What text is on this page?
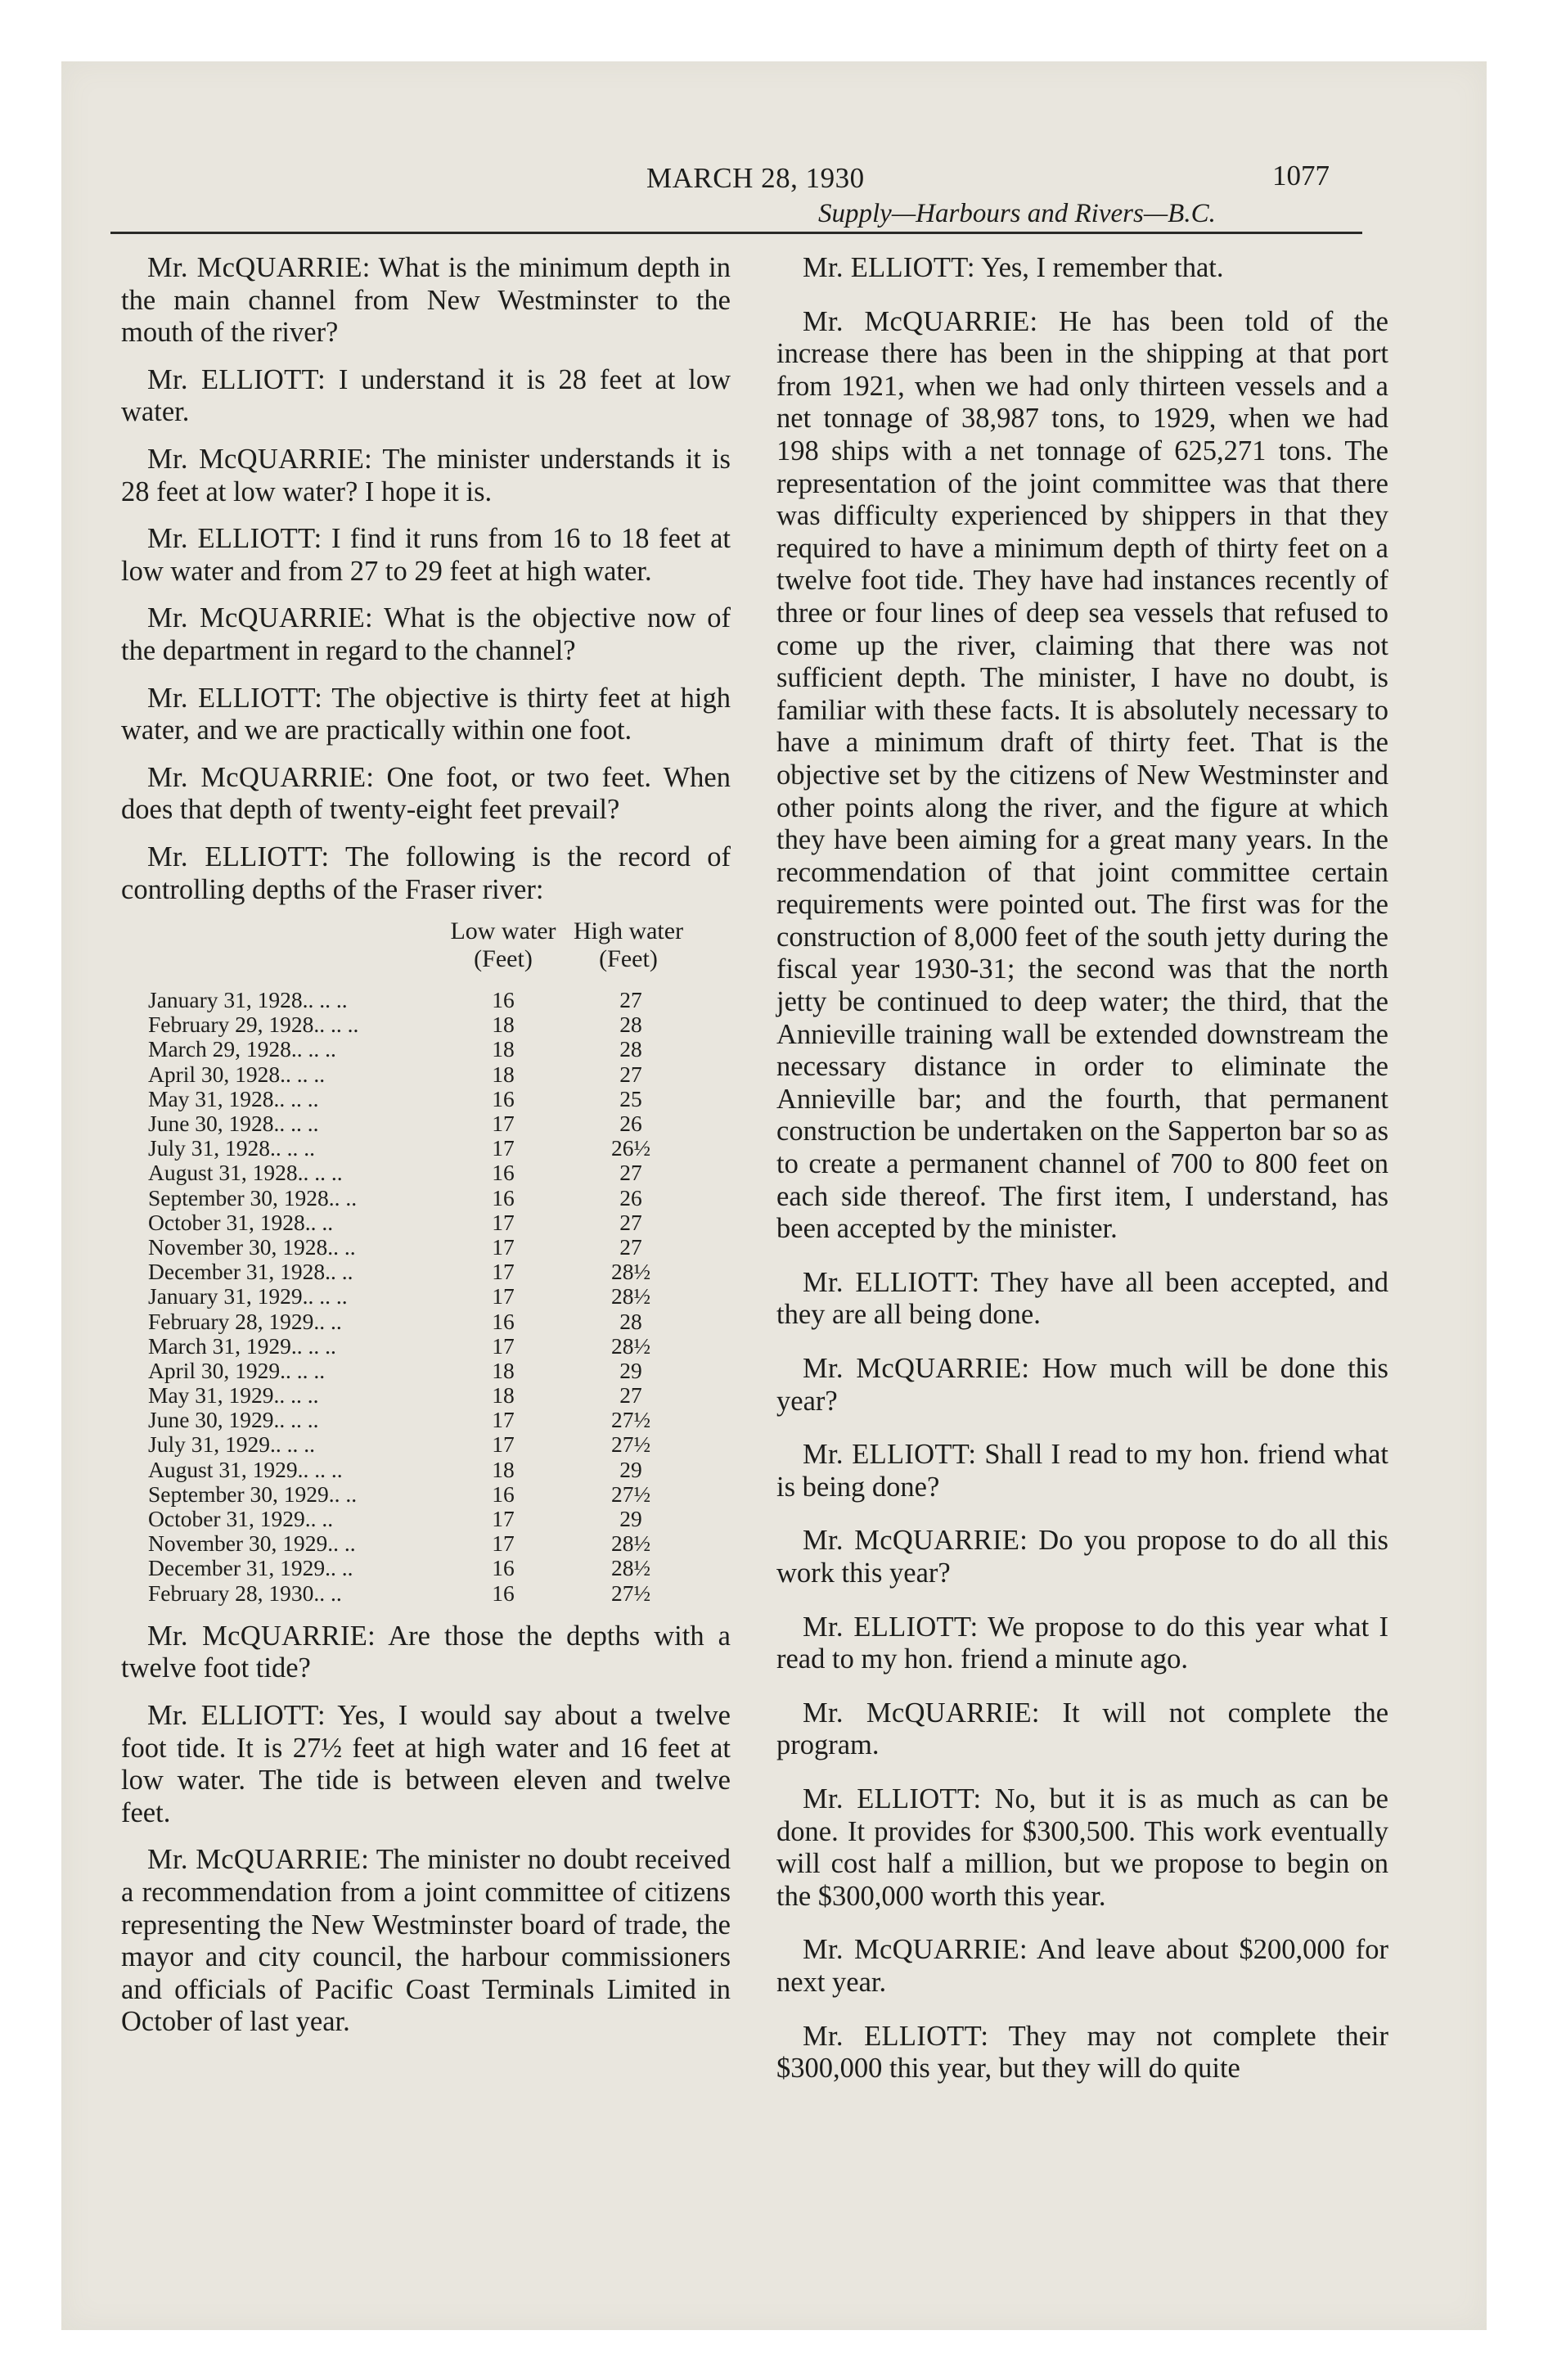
MARCH 28, 1930	1077
Supply—Harbours and Rivers—B.C.

Mr. McQUARRIE: What is the minimum depth in the main channel from New Westminster to the mouth of the river?

Mr. ELLIOTT: I understand it is 28 feet at low water.

Mr. McQUARRIE: The minister understands it is 28 feet at low water? I hope it is.

Mr. ELLIOTT: I find it runs from 16 to 18 feet at low water and from 27 to 29 feet at high water.

Mr. McQUARRIE: What is the objective now of the department in regard to the channel?

Mr. ELLIOTT: The objective is thirty feet at high water, and we are practically within one foot.

Mr. McQUARRIE: One foot, or two feet. When does that depth of twenty-eight feet prevail?

Mr. ELLIOTT: The following is the record of controlling depths of the Fraser river:

Low water (Feet)
High water (Feet)
January 31, 1928.. .. ..	16	27
February 29, 1928.. .. ..	18	28
March 29, 1928.. .. ..	18	28
April 30, 1928.. .. ..	18	27
May 31, 1928.. .. ..	16	25
June 30, 1928.. .. ..	17	26
July 31, 1928.. .. ..	17	26½
August 31, 1928.. .. ..	16	27
September 30, 1928.. ..	16	26
October 31, 1928.. ..	17	27
November 30, 1928.. ..	17	27
December 31, 1928.. ..	17	28½
January 31, 1929.. .. ..	17	28½
February 28, 1929.. ..	16	28
March 31, 1929.. .. ..	17	28½
April 30, 1929.. .. ..	18	29
May 31, 1929.. .. ..	18	27
June 30, 1929.. .. ..	17	27½
July 31, 1929.. .. ..	17	27½
August 31, 1929.. .. ..	18	29
September 30, 1929.. ..	16	27½
October 31, 1929.. ..	17	29
November 30, 1929.. ..	17	28½
December 31, 1929.. ..	16	28½
February 28, 1930.. ..	16	27½

Mr. McQUARRIE: Are those the depths with a twelve foot tide?

Mr. ELLIOTT: Yes, I would say about a twelve foot tide. It is 27½ feet at high water and 16 feet at low water. The tide is between eleven and twelve feet.

Mr. McQUARRIE: The minister no doubt received a recommendation from a joint committee of citizens representing the New Westminster board of trade, the mayor and city council, the harbour commissioners and officials of Pacific Coast Terminals Limited in October of last year.

Mr. ELLIOTT: Yes, I remember that.

Mr. McQUARRIE: He has been told of the increase there has been in the shipping at that port from 1921, when we had only thirteen vessels and a net tonnage of 38,987 tons, to 1929, when we had 198 ships with a net tonnage of 625,271 tons. The representation of the joint committee was that there was difficulty experienced by shippers in that they required to have a minimum depth of thirty feet on a twelve foot tide. They have had instances recently of three or four lines of deep sea vessels that refused to come up the river, claiming that there was not sufficient depth. The minister, I have no doubt, is familiar with these facts. It is absolutely necessary to have a minimum draft of thirty feet. That is the objective set by the citizens of New Westminster and other points along the river, and the figure at which they have been aiming for a great many years. In the recommendation of that joint committee certain requirements were pointed out. The first was for the construction of 8,000 feet of the south jetty during the fiscal year 1930-31; the second was that the north jetty be continued to deep water; the third, that the Annieville training wall be extended downstream the necessary distance in order to eliminate the Annieville bar; and the fourth, that permanent construction be undertaken on the Sapperton bar so as to create a permanent channel of 700 to 800 feet on each side thereof. The first item, I understand, has been accepted by the minister.

Mr. ELLIOTT: They have all been accepted, and they are all being done.

Mr. McQUARRIE: How much will be done this year?

Mr. ELLIOTT: Shall I read to my hon. friend what is being done?

Mr. McQUARRIE: Do you propose to do all this work this year?

Mr. ELLIOTT: We propose to do this year what I read to my hon. friend a minute ago.

Mr. McQUARRIE: It will not complete the program.

Mr. ELLIOTT: No, but it is as much as can be done. It provides for $300,500. This work eventually will cost half a million, but we propose to begin on the $300,000 worth this year.

Mr. McQUARRIE: And leave about $200,000 for next year.

Mr. ELLIOTT: They may not complete their $300,000 this year, but they will do quite
